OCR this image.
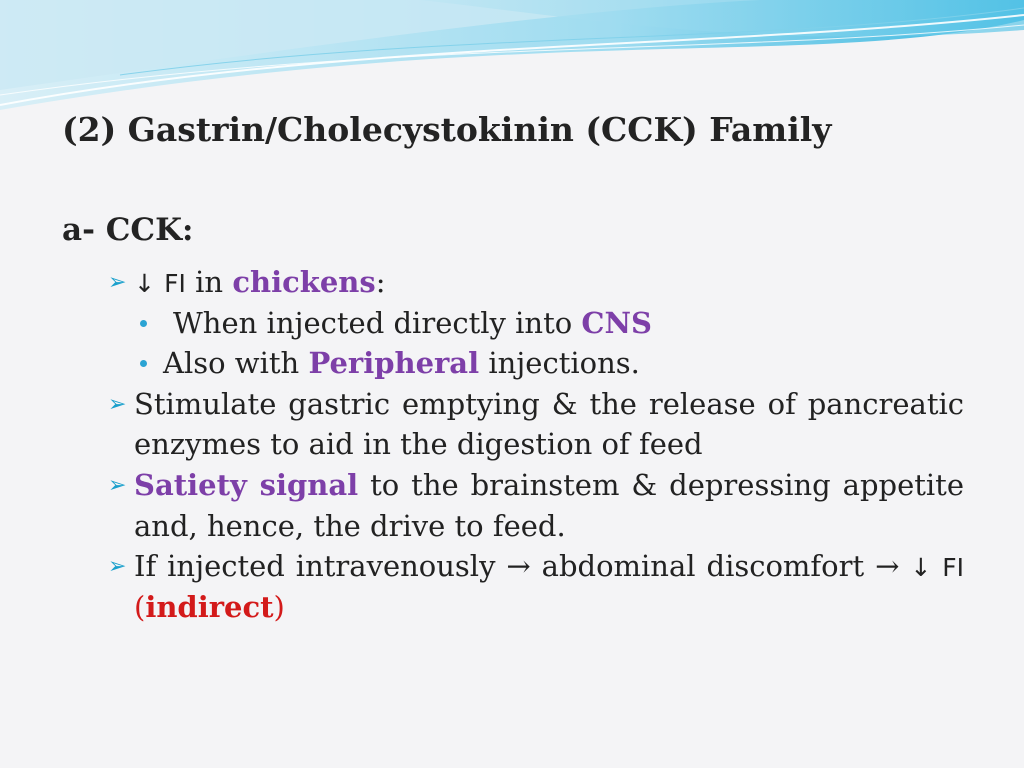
(2) Gastrin/Cholecystokinin (CCK) Family
a- CCK:
➢ ↓ FI in chickens:
When injected directly into CNS
Also with Peripheral injections.
➢ Stimulate gastric emptying & the release of pancreatic enzymes to aid in the digestion of feed
➢ Satiety signal to the brainstem & depressing appetite and, hence, the drive to feed.
➢ If injected intravenously → abdominal discomfort → ↓ FI (indirect)
